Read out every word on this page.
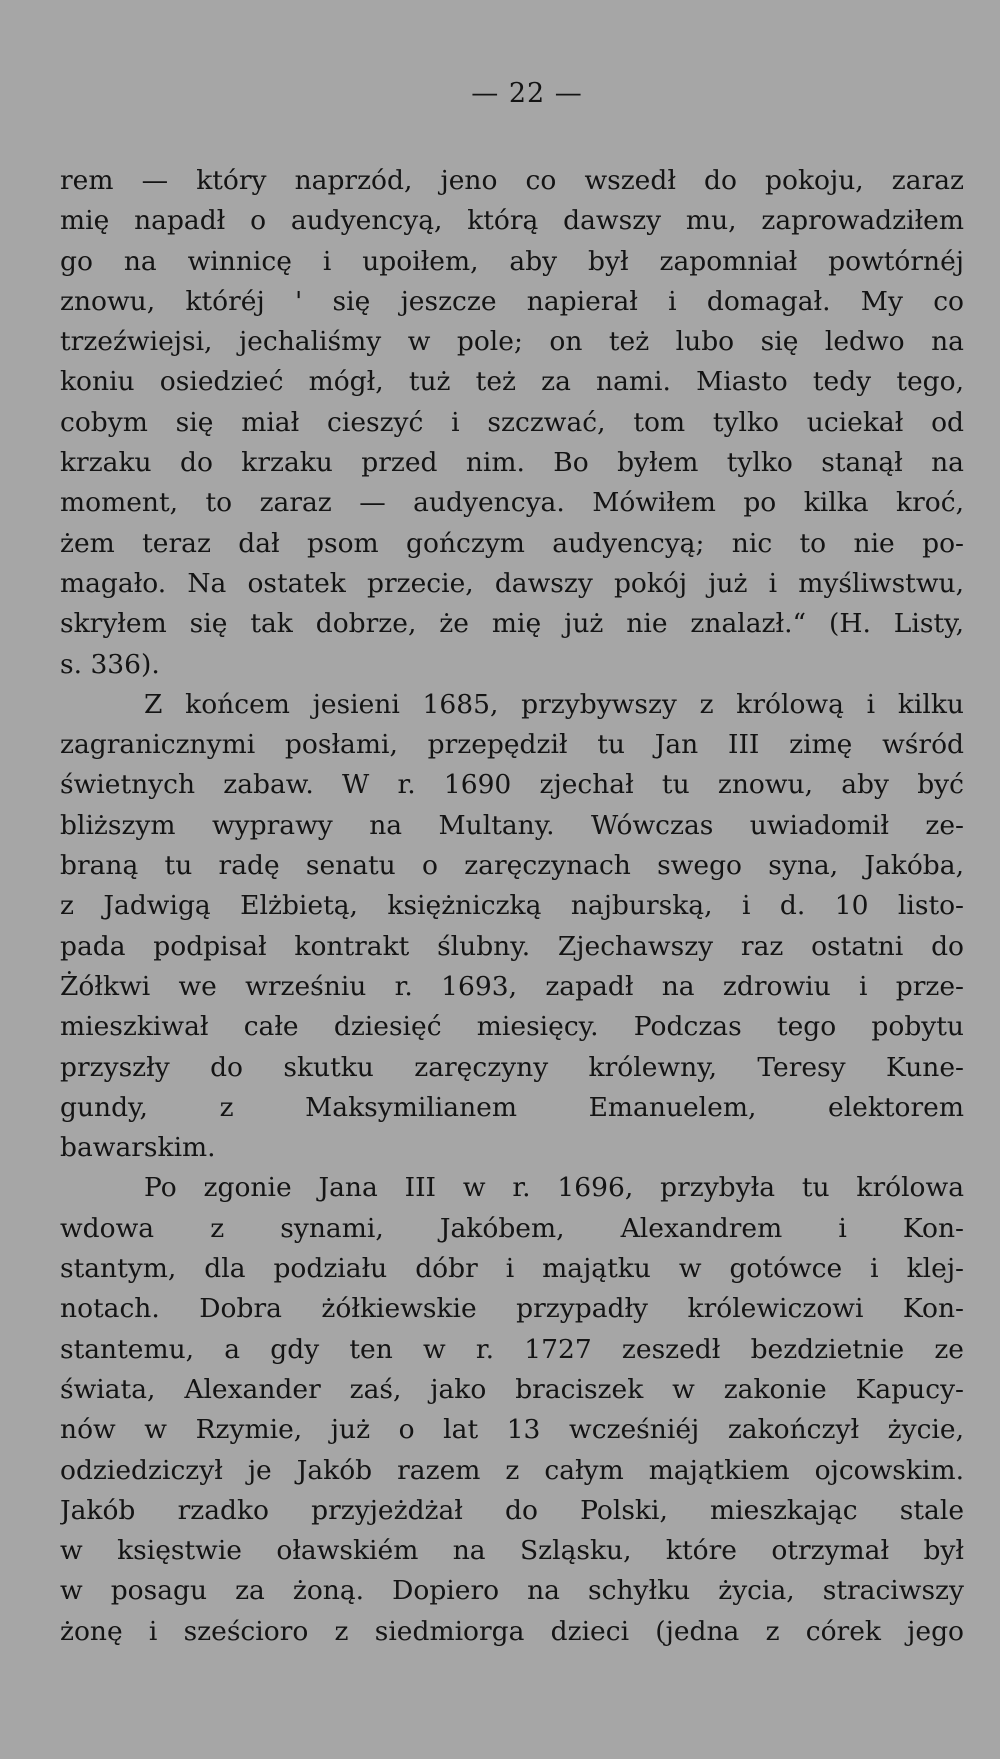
— 22 —
rem — który naprzód, jeno co wszedł do pokoju, zaraz
mię napadł o audyencyą, którą dawszy mu, zaprowadziłem
go na winnicę i upoiłem, aby był zapomniał powtórnéj
znowu, któréj ' się jeszcze napierał i domagał. My co
trzeźwiejsi, jechaliśmy w pole; on też lubo się ledwo na
koniu osiedzieć mógł, tuż też za nami. Miasto tedy tego,
cobym się miał cieszyć i szczwać, tom tylko uciekał od
krzaku do krzaku przed nim. Bo byłem tylko stanął na
moment, to zaraz — audyencya. Mówiłem po kilka kroć,
żem teraz dał psom gończym audyencyą; nic to nie po-
magało. Na ostatek przecie, dawszy pokój już i myśliwstwu,
skryłem się tak dobrze, że mię już nie znalazł.“ (H. Listy,
s. 336).
Z końcem jesieni 1685, przybywszy z królową i kilku
zagranicznymi posłami, przepędził tu Jan III zimę wśród
świetnych zabaw. W r. 1690 zjechał tu znowu, aby być
bliższym wyprawy na Multany. Wówczas uwiadomił ze-
braną tu radę senatu o zaręczynach swego syna, Jakóba,
z Jadwigą Elżbietą, księżniczką najburską, i d. 10 listo-
pada podpisał kontrakt ślubny. Zjechawszy raz ostatni do
Żółkwi we wrześniu r. 1693, zapadł na zdrowiu i prze-
mieszkiwał całe dziesięć miesięcy. Podczas tego pobytu
przyszły do skutku zaręczyny królewny, Teresy Kune-
gundy, z Maksymilianem Emanuelem, elektorem
bawarskim.
Po zgonie Jana III w r. 1696, przybyła tu królowa
wdowa z synami, Jakóbem, Alexandrem i Kon-
stantym, dla podziału dóbr i majątku w gotówce i klej-
notach. Dobra żółkiewskie przypadły królewiczowi Kon-
stantemu, a gdy ten w r. 1727 zeszedł bezdzietnie ze
świata, Alexander zaś, jako braciszek w zakonie Kapucy-
nów w Rzymie, już o lat 13 wcześniéj zakończył życie,
odziedziczył je Jakób razem z całym majątkiem ojcowskim.
Jakób rzadko przyjeżdżał do Polski, mieszkając stale
w księstwie oławskiém na Szląsku, które otrzymał był
w posagu za żoną. Dopiero na schyłku życia, straciwszy
żonę i sześcioro z siedmiorga dzieci (jedna z córek jego
